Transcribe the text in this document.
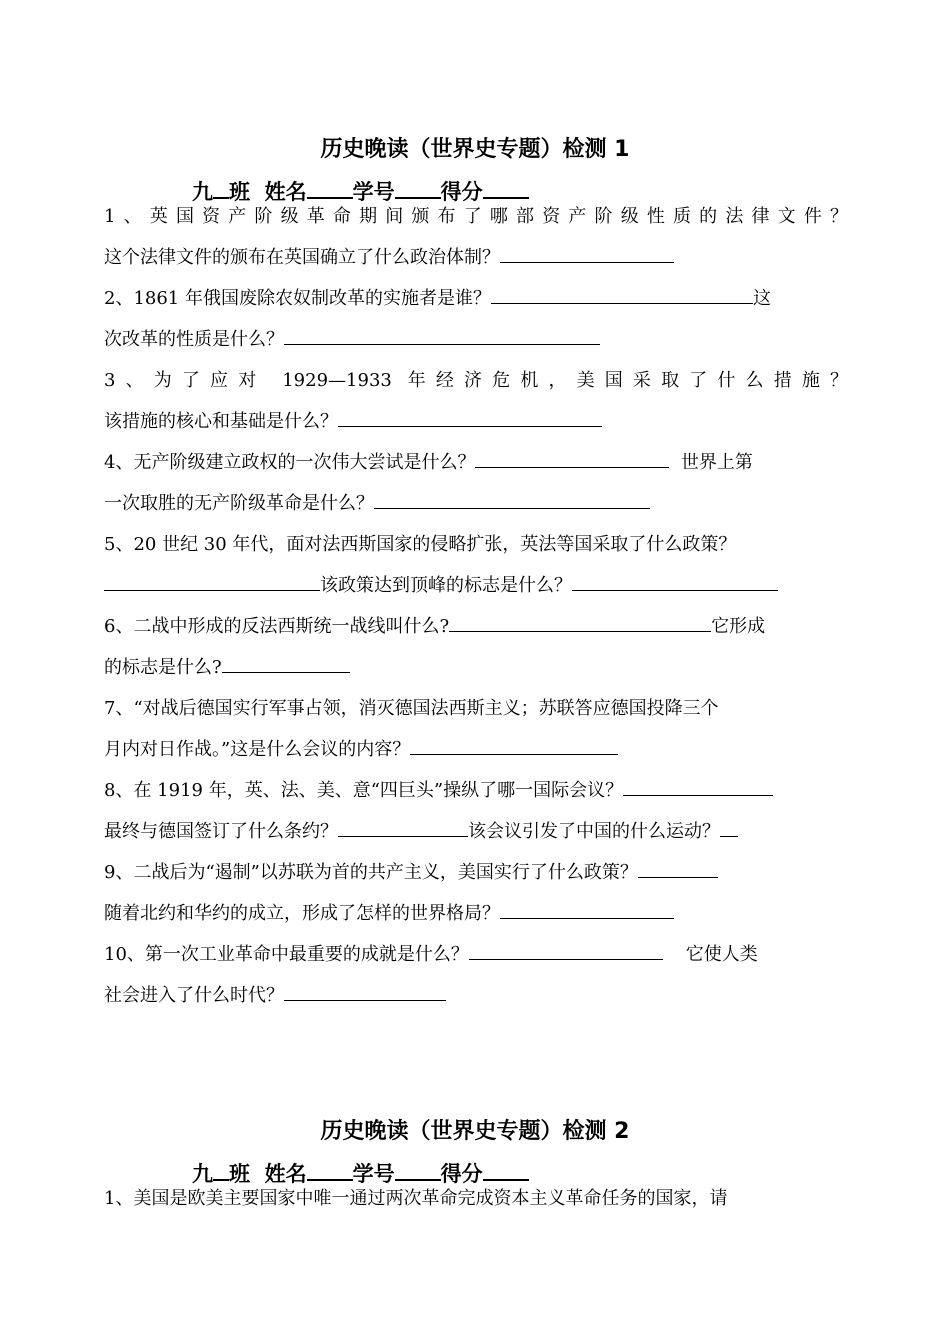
历史晚读（世界史专题）检测 1
九 班 姓名 学号 得分
1、英国资产阶级革命期间颁布了哪部资产阶级性质的法律文件？
这个法律文件的颁布在英国确立了什么政治体制？
2、1861 年俄国废除农奴制改革的实施者是谁？	这
次改革的性质是什么？
3、为了应对 1929—1933 年经济危机，美国采取了什么措施？
该措施的核心和基础是什么？
4、无产阶级建立政权的一次伟大尝试是什么？	世界上第
一次取胜的无产阶级革命是什么？
5、20 世纪 30 年代，面对法西斯国家的侵略扩张，英法等国采取了什么政策？
该政策达到顶峰的标志是什么？
6、二战中形成的反法西斯统一战线叫什么?	它形成
的标志是什么?
7、“对战后德国实行军事占领，消灭德国法西斯主义；苏联答应德国投降三个
月内对日作战。”这是什么会议的内容？
8、在 1919 年，英、法、美、意“四巨头”操纵了哪一国际会议？
最终与德国签订了什么条约？	该会议引发了中国的什么运动？
9、二战后为“遏制”以苏联为首的共产主义，美国实行了什么政策？
随着北约和华约的成立，形成了怎样的世界格局？
10、第一次工业革命中最重要的成就是什么？	它使人类
社会进入了什么时代？
历史晚读（世界史专题）检测 2
九 班 姓名 学号 得分
1、美国是欧美主要国家中唯一通过两次革命完成资本主义革命任务的国家，请
